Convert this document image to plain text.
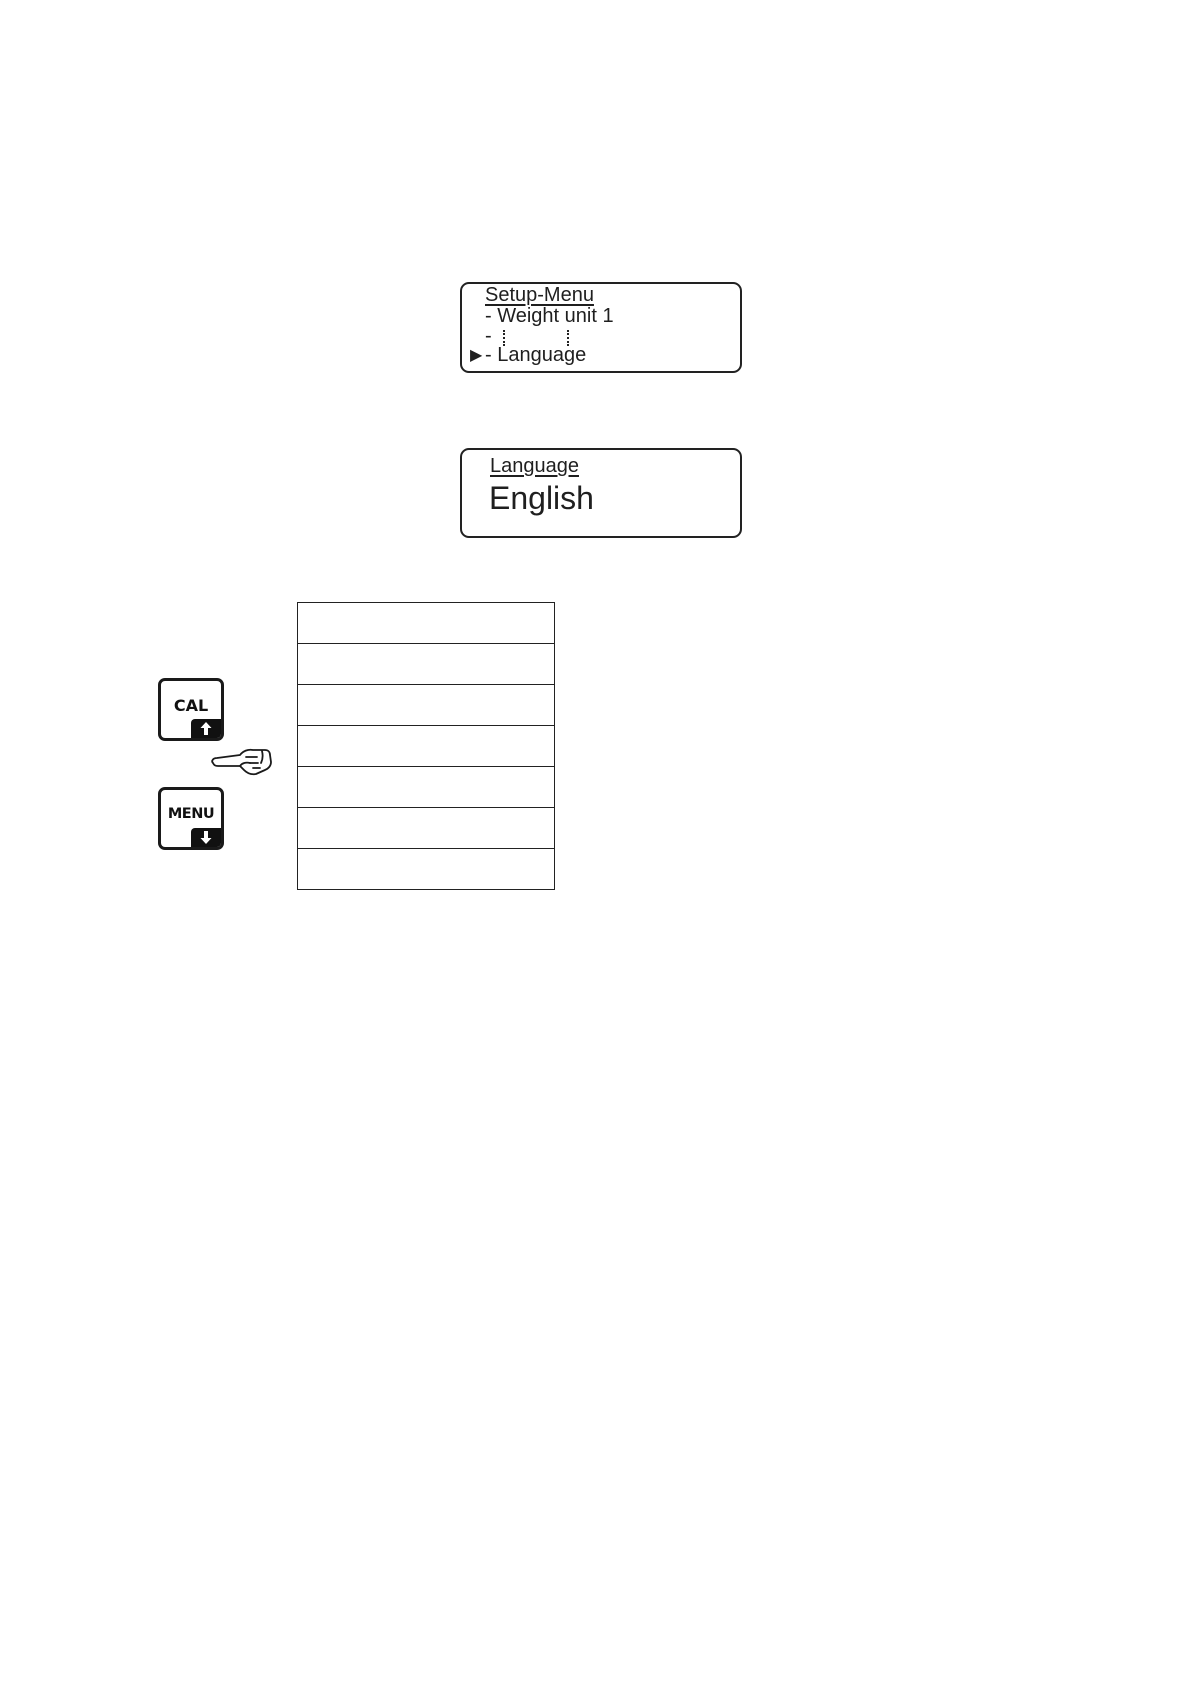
Setup-Menu
- Weight unit 1
-
▶ - Language
Language
English

CAL
MENU
